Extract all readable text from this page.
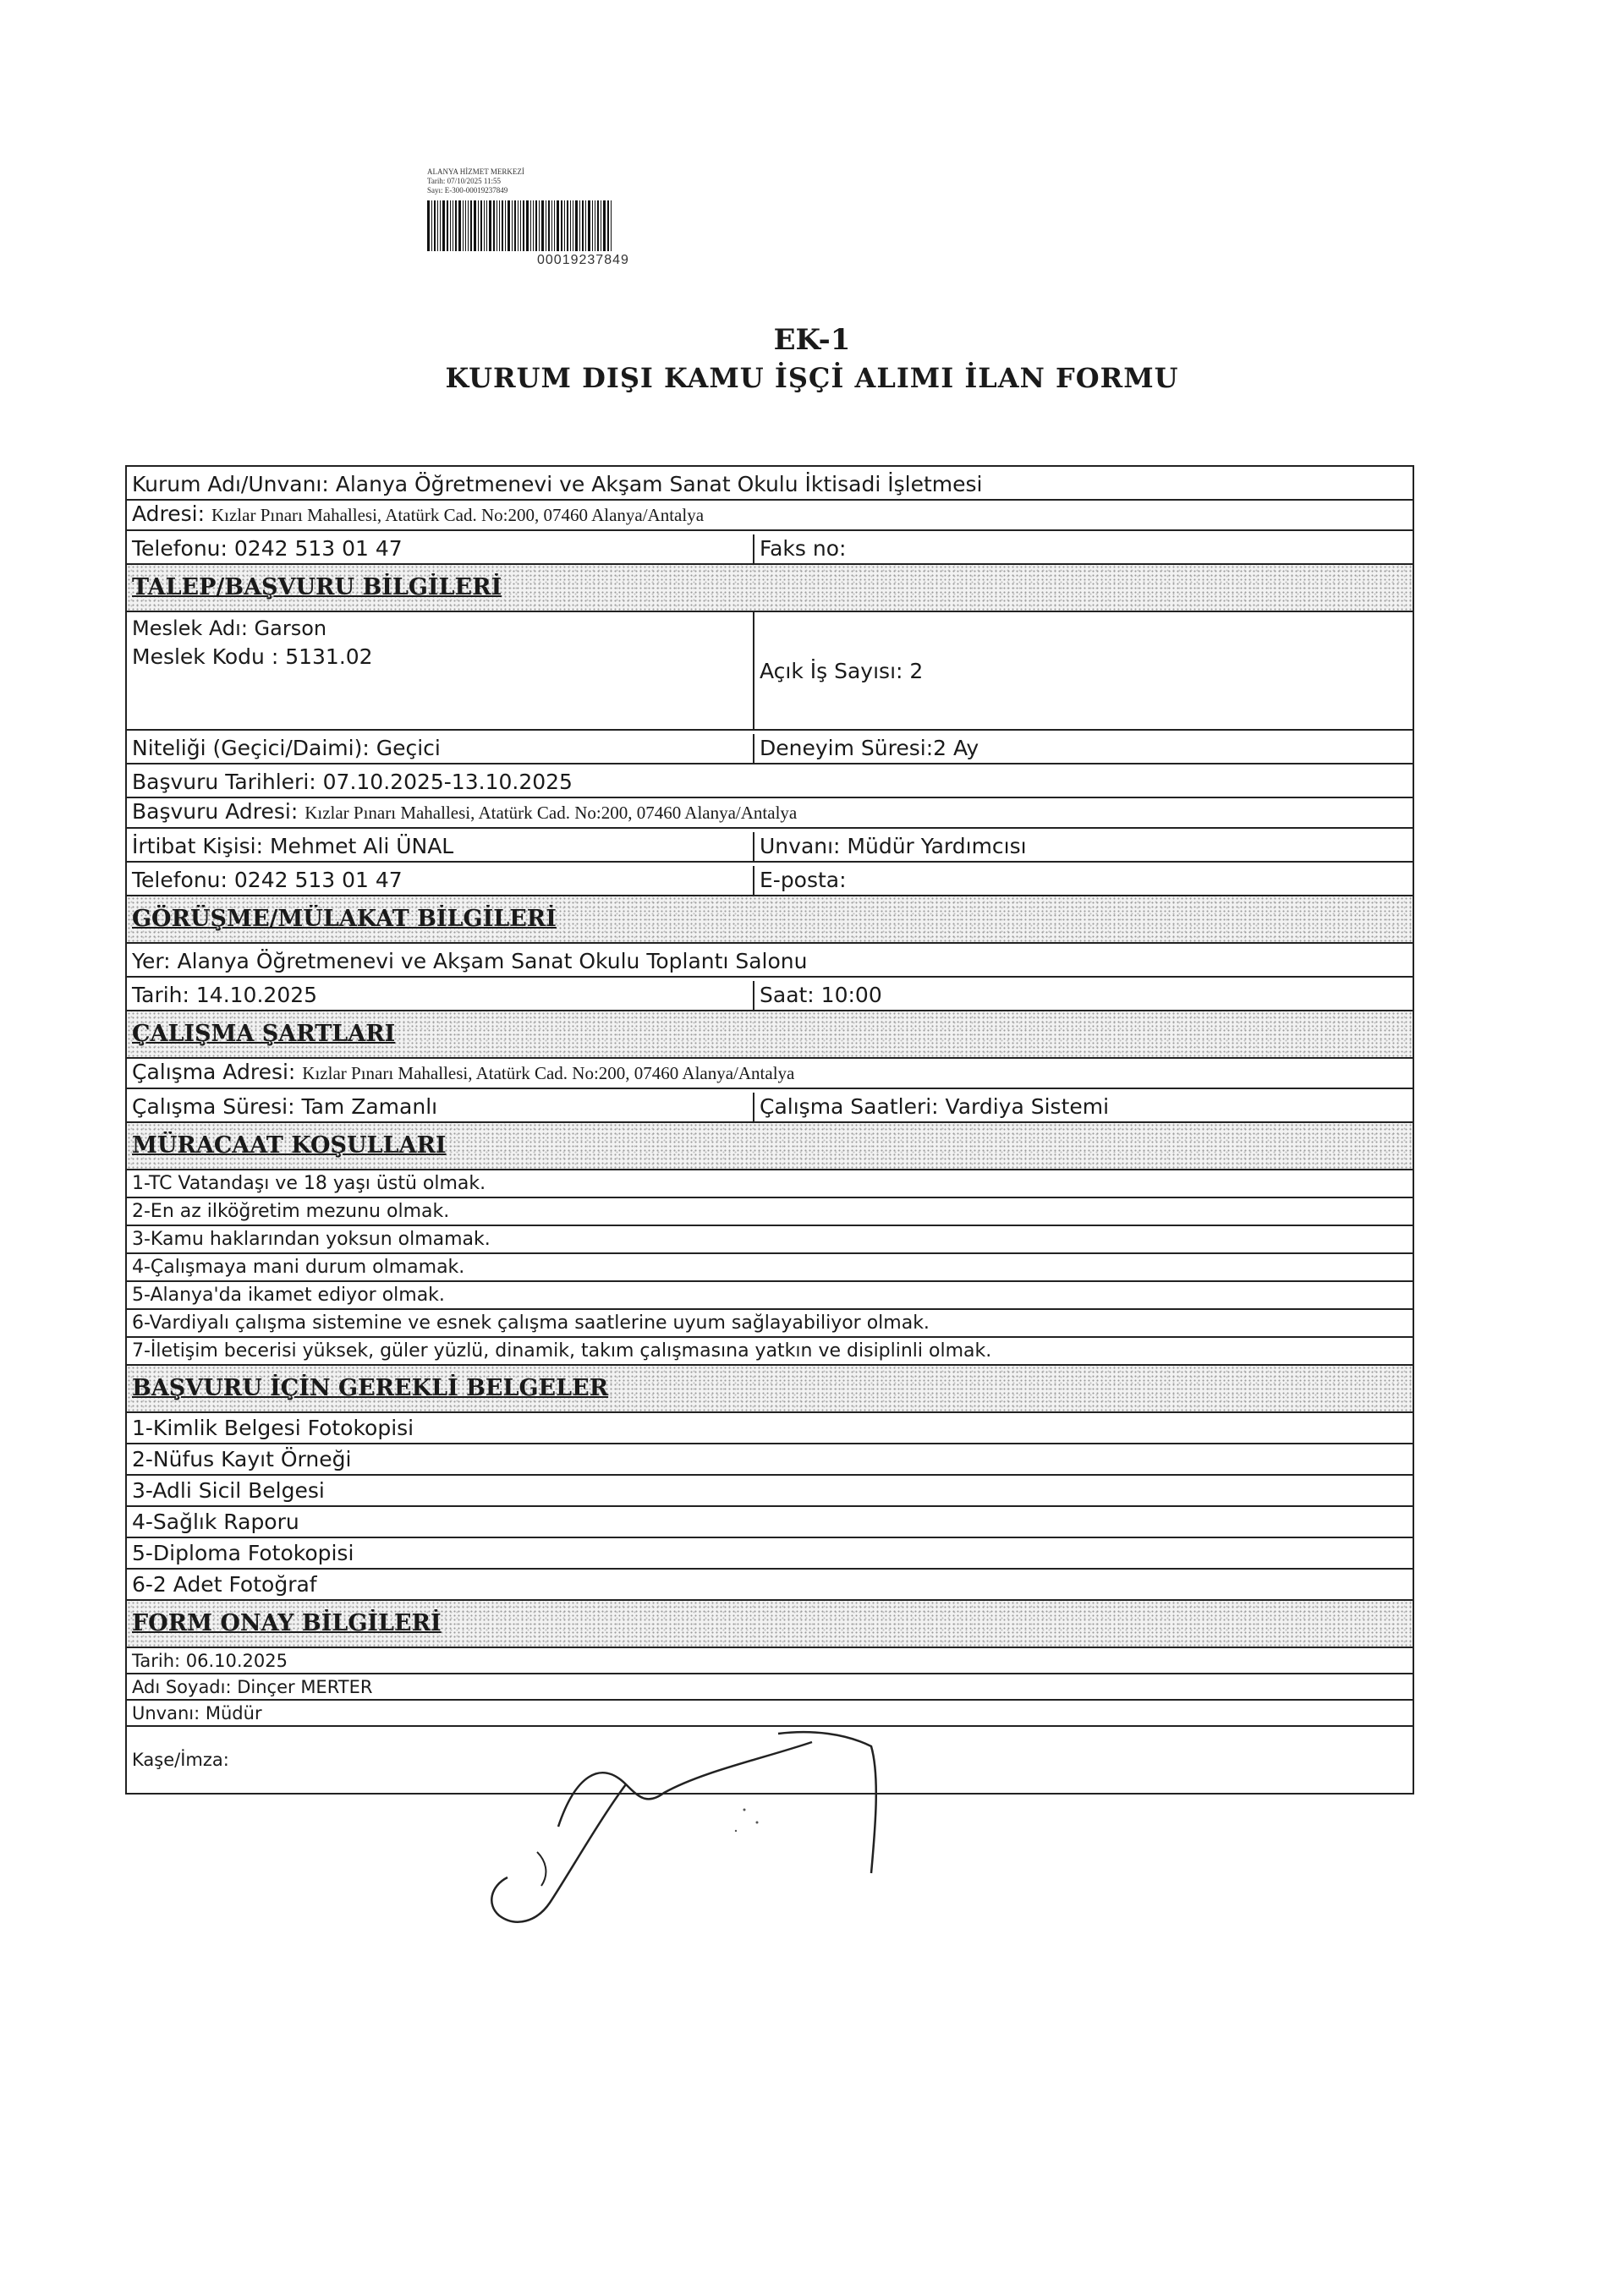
ALANYA HİZMET MERKEZİ
Tarih: 07/10/2025 11:55
Sayı: E-300-00019237849
00019237849
EK-1
KURUM DIŞI KAMU İŞÇİ ALIMI İLAN FORMU
Kurum Adı/Unvanı: Alanya Öğretmenevi ve Akşam Sanat Okulu İktisadi İşletmesi
Adresi: Kızlar Pınarı Mahallesi, Atatürk Cad. No:200, 07460 Alanya/Antalya
Telefonu: 0242 513 01 47	Faks no:
TALEP/BAŞVURU BİLGİLERİ
Meslek Adı: Garson
Meslek Kodu : 5131.02
Açık İş Sayısı: 2
Niteliği (Geçici/Daimi): Geçici	Deneyim Süresi:2 Ay
Başvuru Tarihleri: 07.10.2025-13.10.2025
Başvuru Adresi: Kızlar Pınarı Mahallesi, Atatürk Cad. No:200, 07460 Alanya/Antalya
İrtibat Kişisi: Mehmet Ali ÜNAL	Unvanı: Müdür Yardımcısı
Telefonu: 0242 513 01 47	E-posta:
GÖRÜŞME/MÜLAKAT BİLGİLERİ
Yer: Alanya Öğretmenevi ve Akşam Sanat Okulu Toplantı Salonu
Tarih: 14.10.2025	Saat: 10:00
ÇALIŞMA ŞARTLARI
Çalışma Adresi: Kızlar Pınarı Mahallesi, Atatürk Cad. No:200, 07460 Alanya/Antalya
Çalışma Süresi: Tam Zamanlı	Çalışma Saatleri: Vardiya Sistemi
MÜRACAAT KOŞULLARI
1-TC Vatandaşı ve 18 yaşı üstü olmak.
2-En az ilköğretim mezunu olmak.
3-Kamu haklarından yoksun olmamak.
4-Çalışmaya mani durum olmamak.
5-Alanya'da ikamet ediyor olmak.
6-Vardiyalı çalışma sistemine ve esnek çalışma saatlerine uyum sağlayabiliyor olmak.
7-İletişim becerisi yüksek, güler yüzlü, dinamik, takım çalışmasına yatkın ve disiplinli olmak.
BAŞVURU İÇİN GEREKLİ BELGELER
1-Kimlik Belgesi Fotokopisi
2-Nüfus Kayıt Örneği
3-Adli Sicil Belgesi
4-Sağlık Raporu
5-Diploma Fotokopisi
6-2 Adet Fotoğraf
FORM ONAY BİLGİLERİ
Tarih: 06.10.2025
Adı Soyadı: Dinçer MERTER
Unvanı: Müdür
Kaşe/İmza:
